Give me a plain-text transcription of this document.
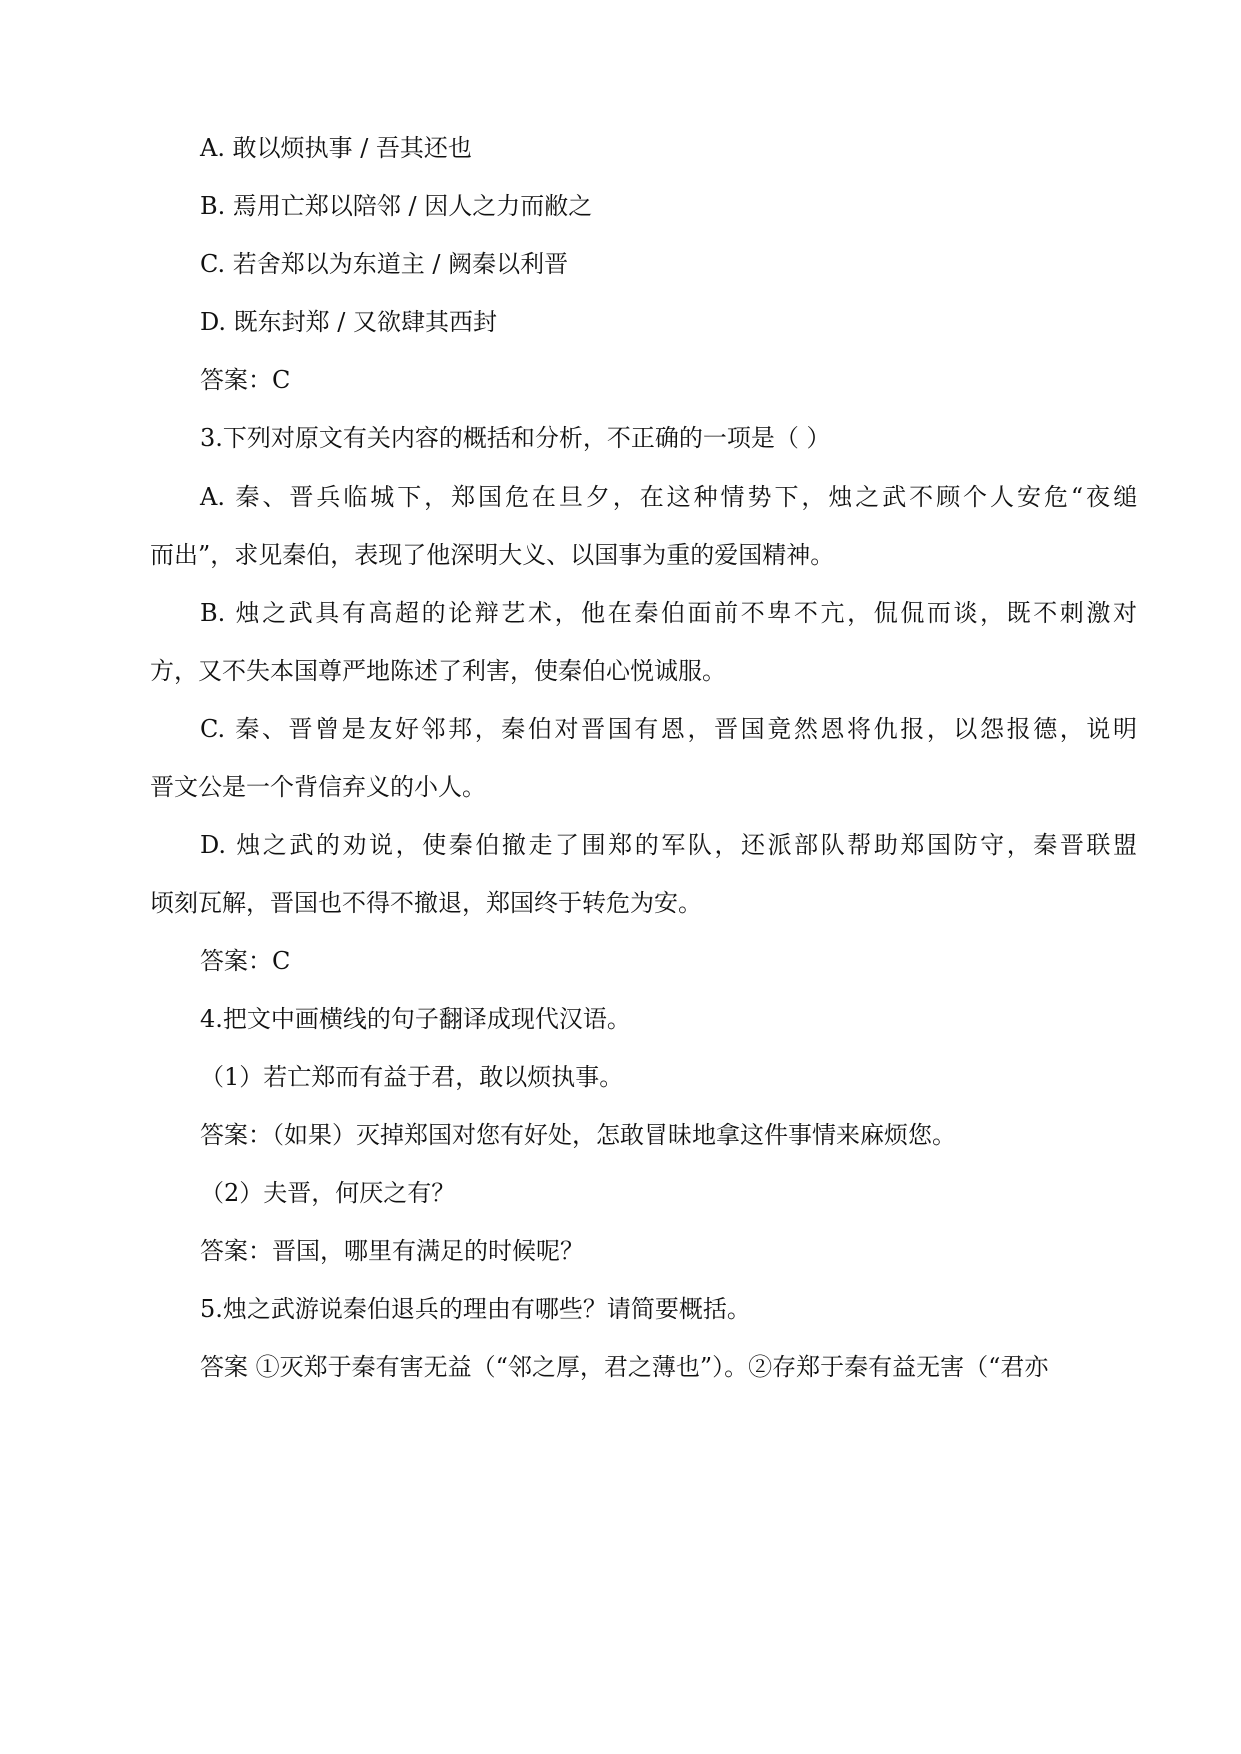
A. 敢以烦执事 / 吾其还也
B. 焉用亡郑以陪邻 / 因人之力而敝之
C. 若舍郑以为东道主 / 阙秦以利晋
D. 既东封郑 / 又欲肆其西封
答案：C
3.下列对原文有关内容的概括和分析，不正确的一项是（ ）
A. 秦、晋兵临城下，郑国危在旦夕，在这种情势下，烛之武不顾个人安危“夜缒
而出”，求见秦伯，表现了他深明大义、以国事为重的爱国精神。
B. 烛之武具有高超的论辩艺术，他在秦伯面前不卑不亢，侃侃而谈，既不刺激对
方，又不失本国尊严地陈述了利害，使秦伯心悦诚服。
C. 秦、晋曾是友好邻邦，秦伯对晋国有恩，晋国竟然恩将仇报，以怨报德，说明
晋文公是一个背信弃义的小人。
D. 烛之武的劝说，使秦伯撤走了围郑的军队，还派部队帮助郑国防守，秦晋联盟
顷刻瓦解，晋国也不得不撤退，郑国终于转危为安。
答案：C
4.把文中画横线的句子翻译成现代汉语。
（1）若亡郑而有益于君，敢以烦执事。
答案：（如果）灭掉郑国对您有好处，怎敢冒昧地拿这件事情来麻烦您。
（2）夫晋，何厌之有？
答案：晋国，哪里有满足的时候呢？
5.烛之武游说秦伯退兵的理由有哪些？请简要概括。
答案 ①灭郑于秦有害无益（“邻之厚，君之薄也”）。②存郑于秦有益无害（“君亦
